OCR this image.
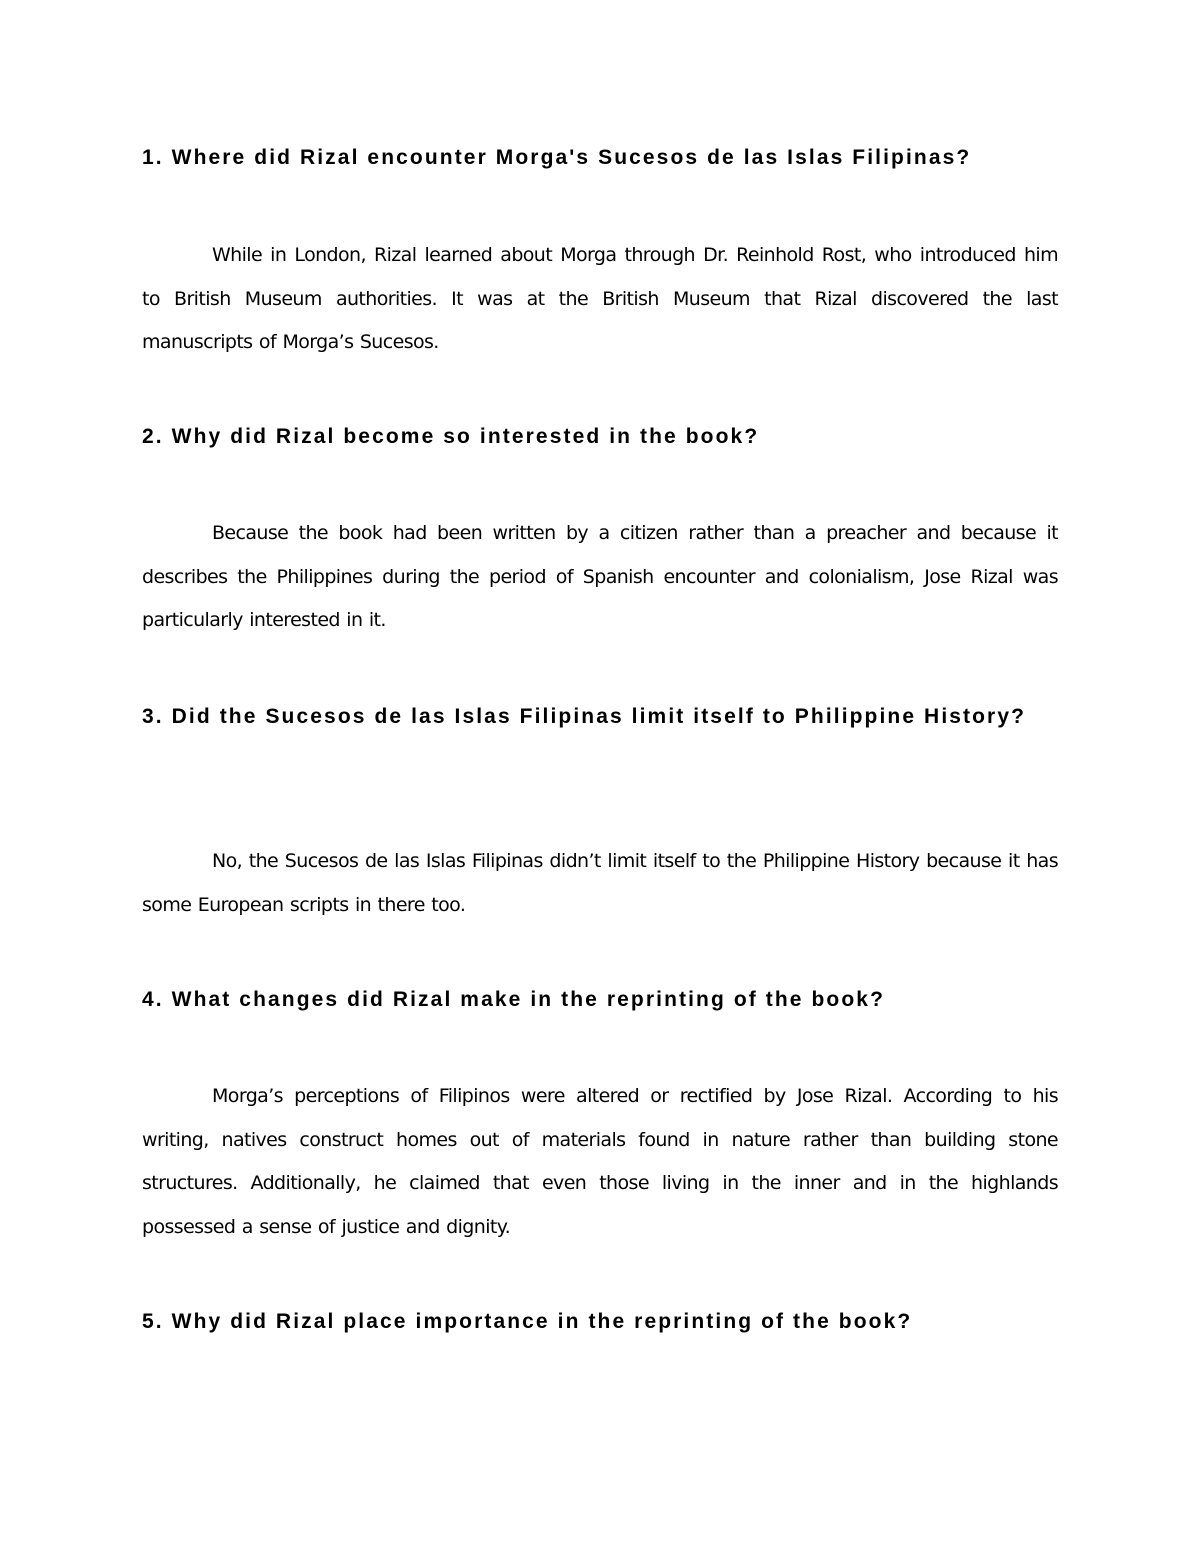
1. Where did Rizal encounter Morga's Sucesos de las Islas Filipinas?

While in London, Rizal learned about Morga through Dr. Reinhold Rost, who introduced him to British Museum authorities. It was at the British Museum that Rizal discovered the last manuscripts of Morga’s Sucesos.

2. Why did Rizal become so interested in the book?

Because the book had been written by a citizen rather than a preacher and because it describes the Philippines during the period of Spanish encounter and colonialism, Jose Rizal was particularly interested in it.

3. Did the Sucesos de las Islas Filipinas limit itself to Philippine History?

No, the Sucesos de las Islas Filipinas didn’t limit itself to the Philippine History because it has some European scripts in there too.

4. What changes did Rizal make in the reprinting of the book?

Morga’s perceptions of Filipinos were altered or rectified by Jose Rizal. According to his writing, natives construct homes out of materials found in nature rather than building stone structures. Additionally, he claimed that even those living in the inner and in the highlands possessed a sense of justice and dignity.

5. Why did Rizal place importance in the reprinting of the book?
